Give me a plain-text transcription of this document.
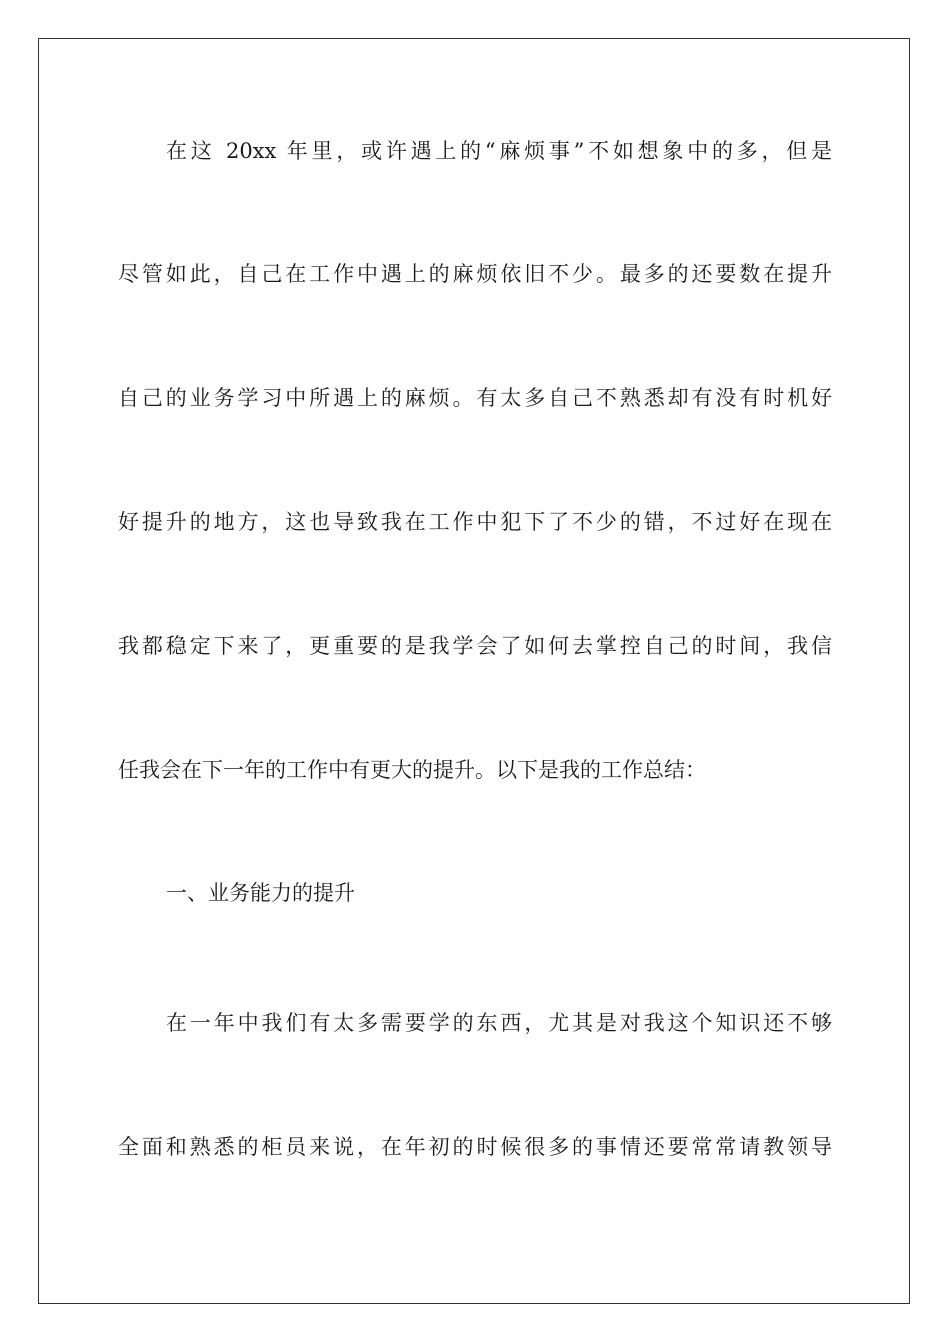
在这 20xx 年里，或许遇上的“麻烦事”不如想象中的多，但是
尽管如此，自己在工作中遇上的麻烦依旧不少。最多的还要数在提升
自己的业务学习中所遇上的麻烦。有太多自己不熟悉却有没有时机好
好提升的地方，这也导致我在工作中犯下了不少的错，不过好在现在
我都稳定下来了，更重要的是我学会了如何去掌控自己的时间，我信
任我会在下一年的工作中有更大的提升。以下是我的工作总结：
一、业务能力的提升
在一年中我们有太多需要学的东西，尤其是对我这个知识还不够
全面和熟悉的柜员来说，在年初的时候很多的事情还要常常请教领导
